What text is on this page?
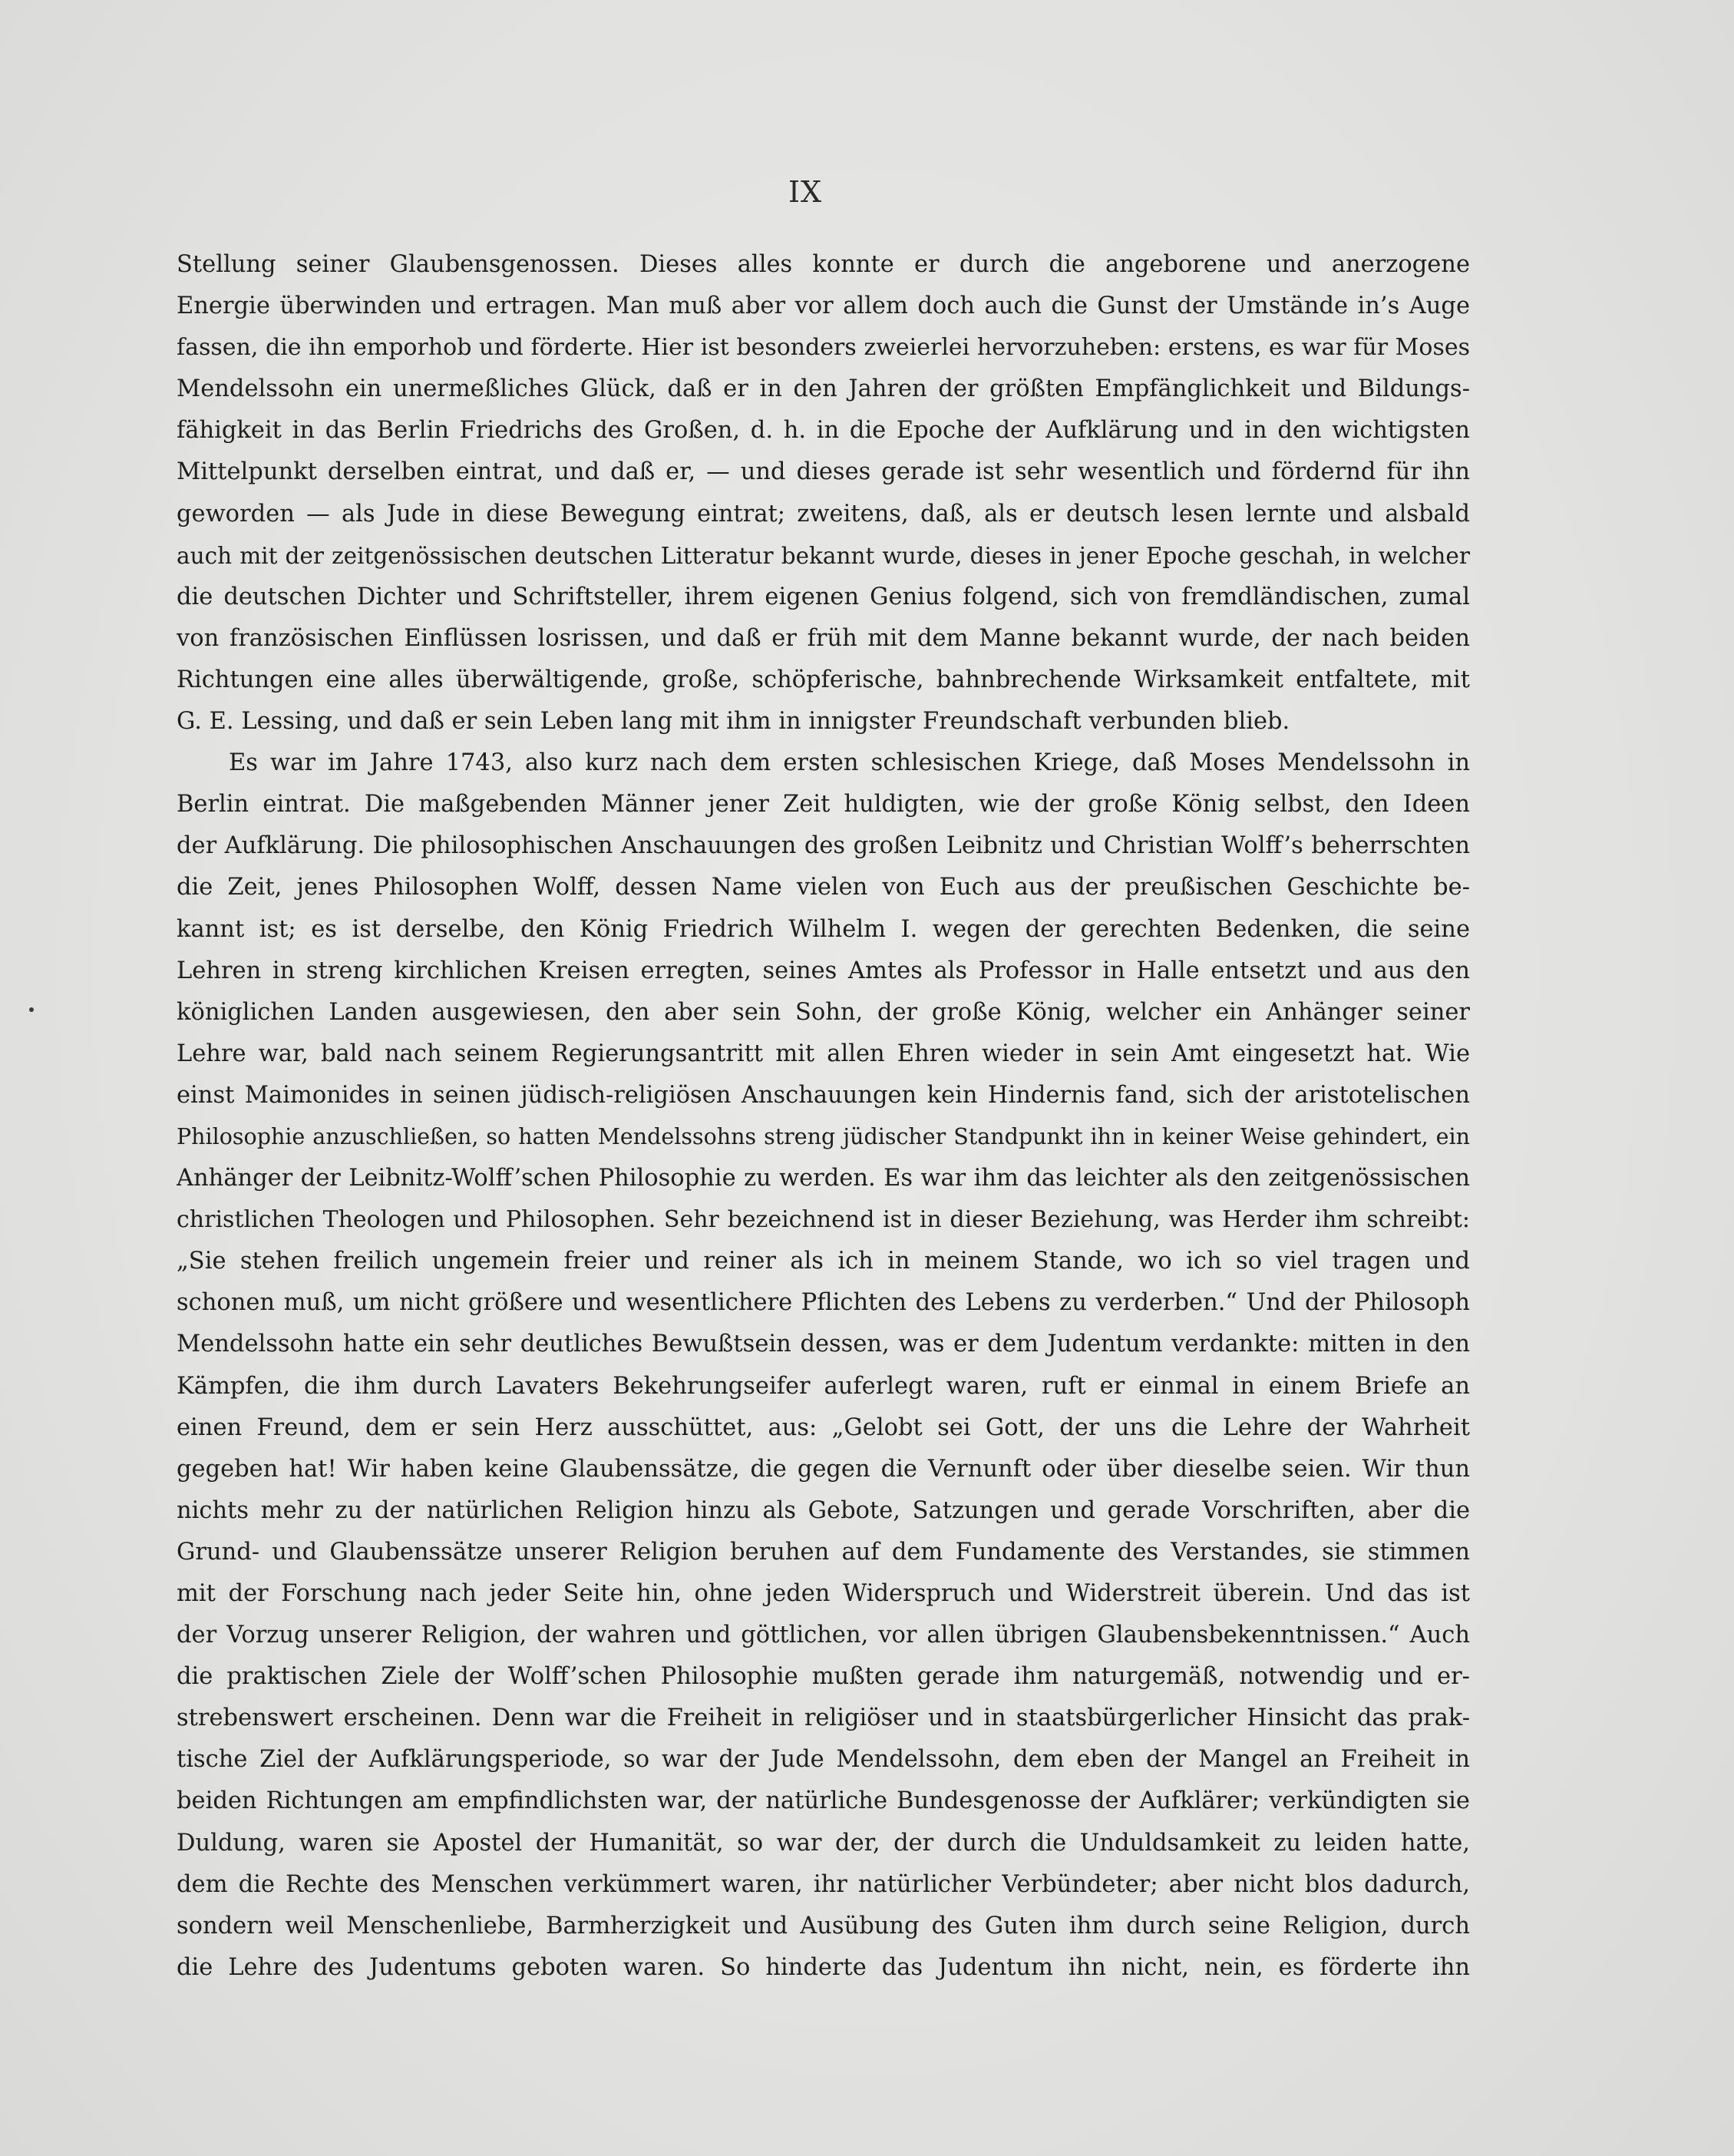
IX
Stellung seiner Glaubensgenossen. Dieses alles konnte er durch die angeborene und anerzogene
Energie überwinden und ertragen. Man muß aber vor allem doch auch die Gunst der Umstände in’s Auge
fassen, die ihn emporhob und förderte. Hier ist besonders zweierlei hervorzuheben: erstens, es war für Moses
Mendelssohn ein unermeßliches Glück, daß er in den Jahren der größten Empfänglichkeit und Bildungs-
fähigkeit in das Berlin Friedrichs des Großen, d. h. in die Epoche der Aufklärung und in den wichtigsten
Mittelpunkt derselben eintrat, und daß er, — und dieses gerade ist sehr wesentlich und fördernd für ihn
geworden — als Jude in diese Bewegung eintrat; zweitens, daß, als er deutsch lesen lernte und alsbald
auch mit der zeitgenössischen deutschen Litteratur bekannt wurde, dieses in jener Epoche geschah, in welcher
die deutschen Dichter und Schriftsteller, ihrem eigenen Genius folgend, sich von fremdländischen, zumal
von französischen Einflüssen losrissen, und daß er früh mit dem Manne bekannt wurde, der nach beiden
Richtungen eine alles überwältigende, große, schöpferische, bahnbrechende Wirksamkeit entfaltete, mit
G. E. Lessing, und daß er sein Leben lang mit ihm in innigster Freundschaft verbunden blieb.
Es war im Jahre 1743, also kurz nach dem ersten schlesischen Kriege, daß Moses Mendelssohn in
Berlin eintrat. Die maßgebenden Männer jener Zeit huldigten, wie der große König selbst, den Ideen
der Aufklärung. Die philosophischen Anschauungen des großen Leibnitz und Christian Wolff’s beherrschten
die Zeit, jenes Philosophen Wolff, dessen Name vielen von Euch aus der preußischen Geschichte be-
kannt ist; es ist derselbe, den König Friedrich Wilhelm I. wegen der gerechten Bedenken, die seine
Lehren in streng kirchlichen Kreisen erregten, seines Amtes als Professor in Halle entsetzt und aus den
königlichen Landen ausgewiesen, den aber sein Sohn, der große König, welcher ein Anhänger seiner
Lehre war, bald nach seinem Regierungsantritt mit allen Ehren wieder in sein Amt eingesetzt hat. Wie
einst Maimonides in seinen jüdisch-religiösen Anschauungen kein Hindernis fand, sich der aristotelischen
Philosophie anzuschließen, so hatten Mendelssohns streng jüdischer Standpunkt ihn in keiner Weise gehindert, ein
Anhänger der Leibnitz-Wolff’schen Philosophie zu werden. Es war ihm das leichter als den zeitgenössischen
christlichen Theologen und Philosophen. Sehr bezeichnend ist in dieser Beziehung, was Herder ihm schreibt:
„Sie stehen freilich ungemein freier und reiner als ich in meinem Stande, wo ich so viel tragen und
schonen muß, um nicht größere und wesentlichere Pflichten des Lebens zu verderben.“ Und der Philosoph
Mendelssohn hatte ein sehr deutliches Bewußtsein dessen, was er dem Judentum verdankte: mitten in den
Kämpfen, die ihm durch Lavaters Bekehrungseifer auferlegt waren, ruft er einmal in einem Briefe an
einen Freund, dem er sein Herz ausschüttet, aus: „Gelobt sei Gott, der uns die Lehre der Wahrheit
gegeben hat! Wir haben keine Glaubenssätze, die gegen die Vernunft oder über dieselbe seien. Wir thun
nichts mehr zu der natürlichen Religion hinzu als Gebote, Satzungen und gerade Vorschriften, aber die
Grund- und Glaubenssätze unserer Religion beruhen auf dem Fundamente des Verstandes, sie stimmen
mit der Forschung nach jeder Seite hin, ohne jeden Widerspruch und Widerstreit überein. Und das ist
der Vorzug unserer Religion, der wahren und göttlichen, vor allen übrigen Glaubensbekenntnissen.“ Auch
die praktischen Ziele der Wolff’schen Philosophie mußten gerade ihm naturgemäß, notwendig und er-
strebenswert erscheinen. Denn war die Freiheit in religiöser und in staatsbürgerlicher Hinsicht das prak-
tische Ziel der Aufklärungsperiode, so war der Jude Mendelssohn, dem eben der Mangel an Freiheit in
beiden Richtungen am empfindlichsten war, der natürliche Bundesgenosse der Aufklärer; verkündigten sie
Duldung, waren sie Apostel der Humanität, so war der, der durch die Unduldsamkeit zu leiden hatte,
dem die Rechte des Menschen verkümmert waren, ihr natürlicher Verbündeter; aber nicht blos dadurch,
sondern weil Menschenliebe, Barmherzigkeit und Ausübung des Guten ihm durch seine Religion, durch
die Lehre des Judentums geboten waren. So hinderte das Judentum ihn nicht, nein, es förderte ihn
